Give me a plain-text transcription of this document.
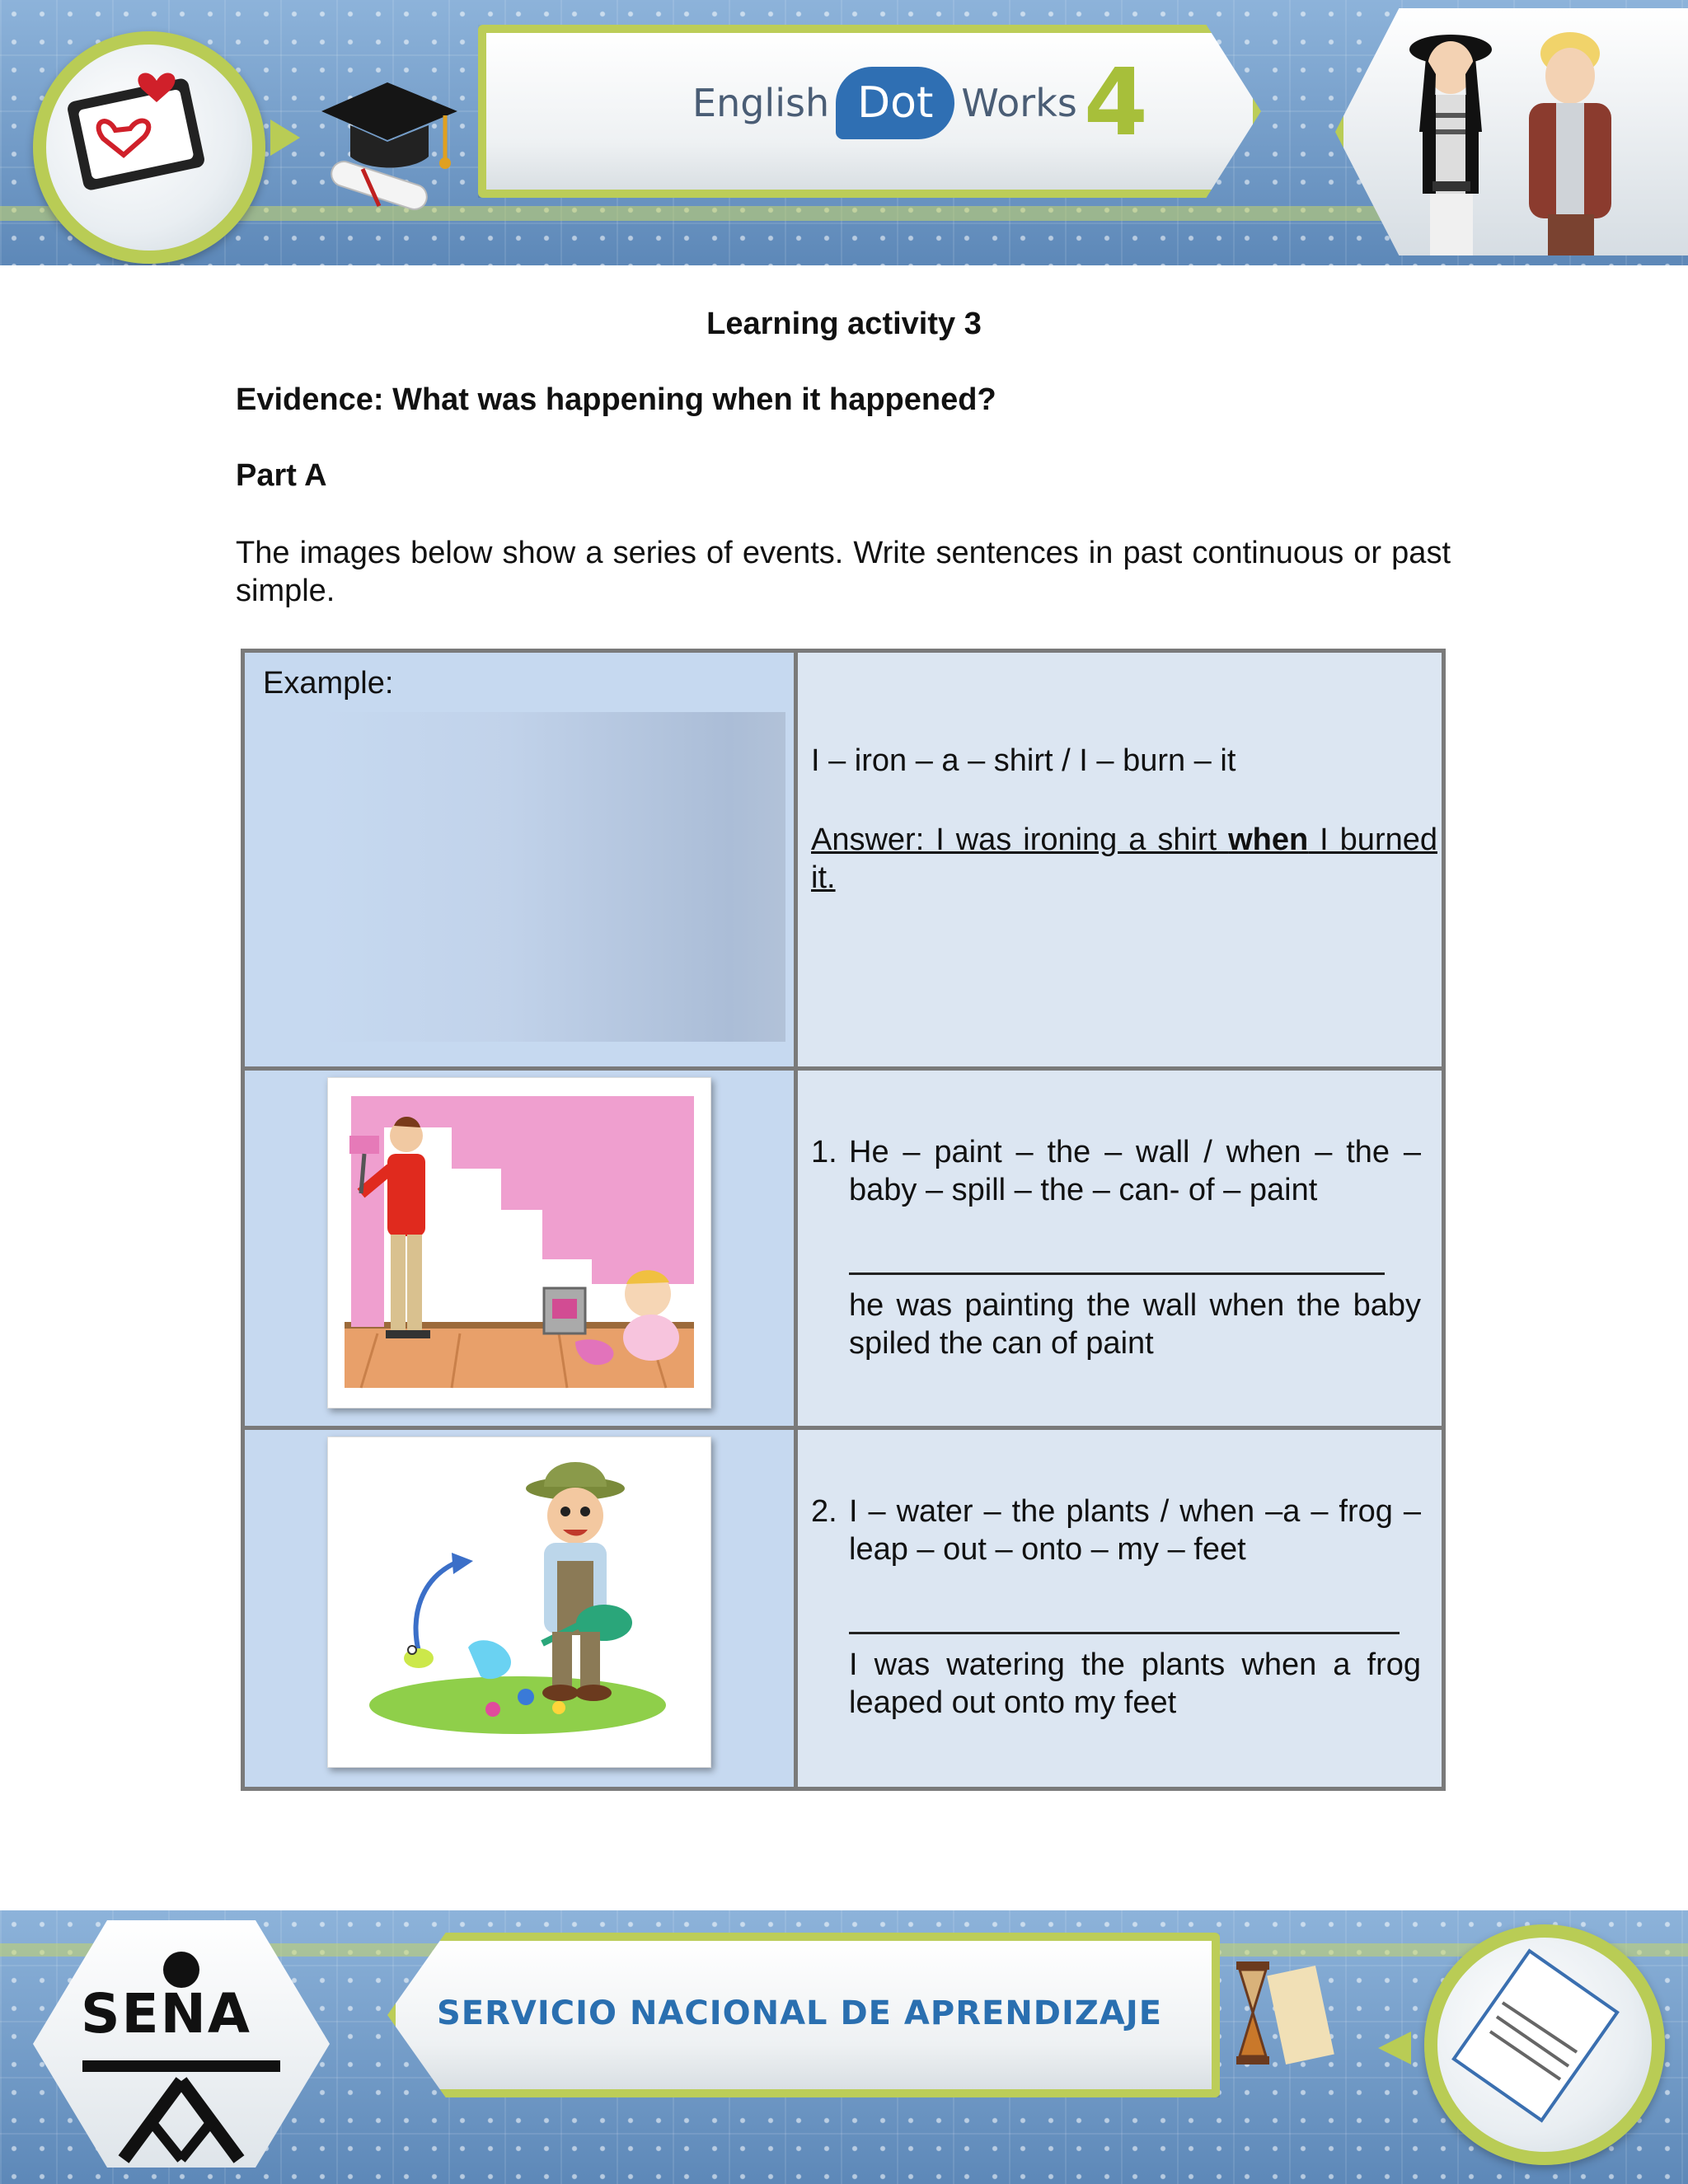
English Dot Works 4
Learning activity 3
Evidence: What was happening when it happened?
Part A
The images below show a series of events. Write sentences in past continuous or past simple.
Example:	I – iron – a – shirt / I – burn – it
Answer: I was ironing a shirt when I burned it.

1. He – paint – the – wall / when – the – baby – spill – the – can- of – paint
he was painting the wall when the baby spiled the can of paint

2. I – water – the plants / when –a – frog – leap – out – onto – my – feet
I was watering the plants when a frog leaped out onto my feet
SENA	SERVICIO NACIONAL DE APRENDIZAJE
